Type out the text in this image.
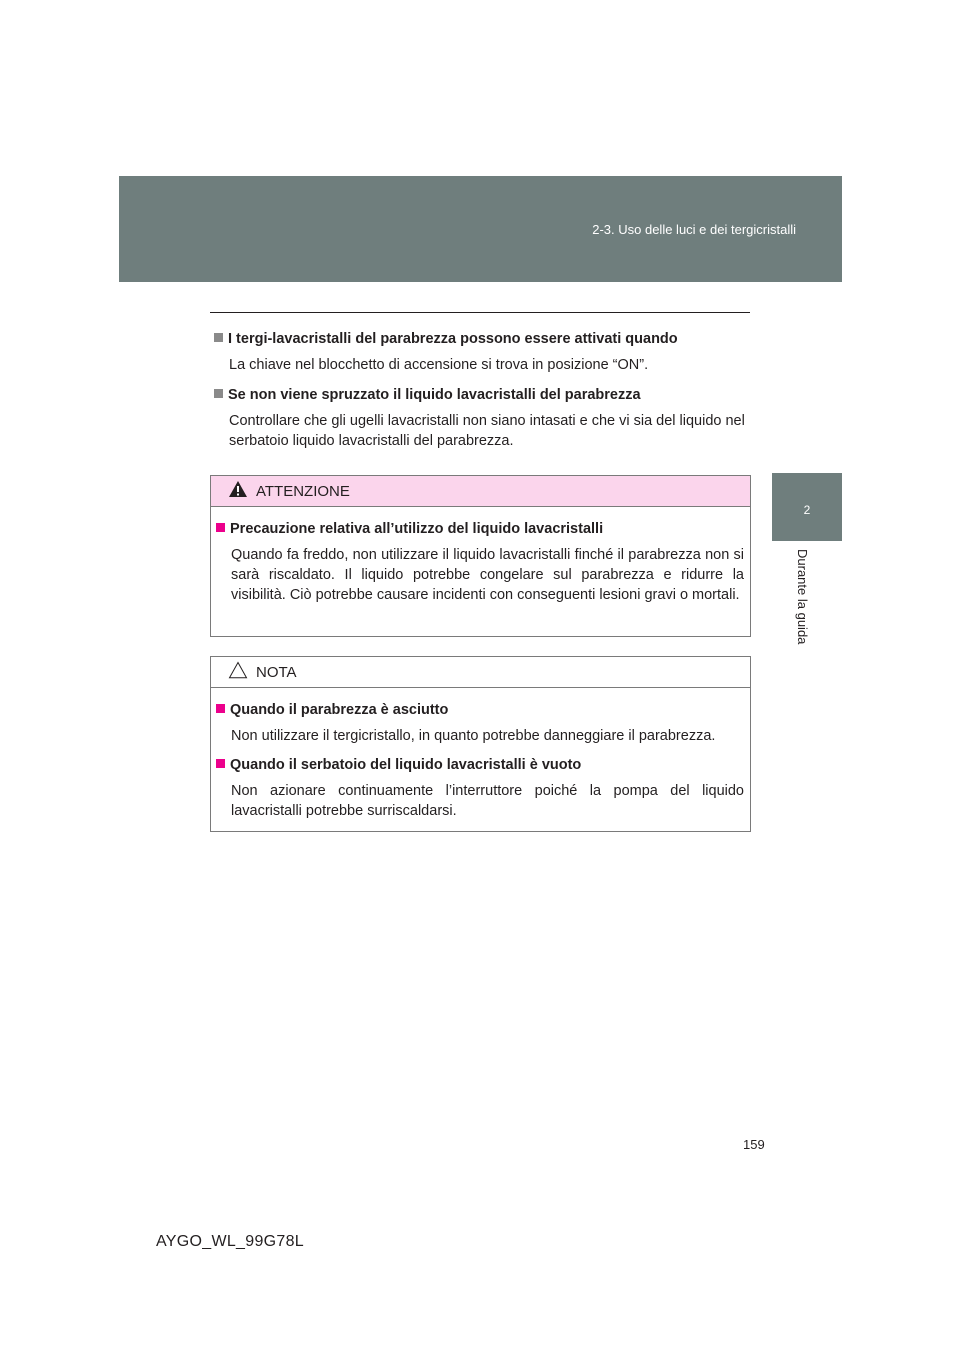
2-3. Uso delle luci e dei tergicristalli
2
Durante la guida
I tergi-lavacristalli del parabrezza possono essere attivati quando
La chiave nel blocchetto di accensione si trova in posizione “ON”.
Se non viene spruzzato il liquido lavacristalli del parabrezza
Controllare che gli ugelli lavacristalli non siano intasati e che vi sia del liquido nel serbatoio liquido lavacristalli del parabrezza.
ATTENZIONE
Precauzione relativa all’utilizzo del liquido lavacristalli
Quando fa freddo, non utilizzare il liquido lavacristalli finché il parabrezza non si sarà riscaldato. Il liquido potrebbe congelare sul parabrezza e ridurre la visibilità. Ciò potrebbe causare incidenti con conseguenti lesioni gravi o mortali.
NOTA
Quando il parabrezza è asciutto
Non utilizzare il tergicristallo, in quanto potrebbe danneggiare il parabrezza.
Quando il serbatoio del liquido lavacristalli è vuoto
Non azionare continuamente l’interruttore poiché la pompa del liquido lavacristalli potrebbe surriscaldarsi.
159
AYGO_WL_99G78L
